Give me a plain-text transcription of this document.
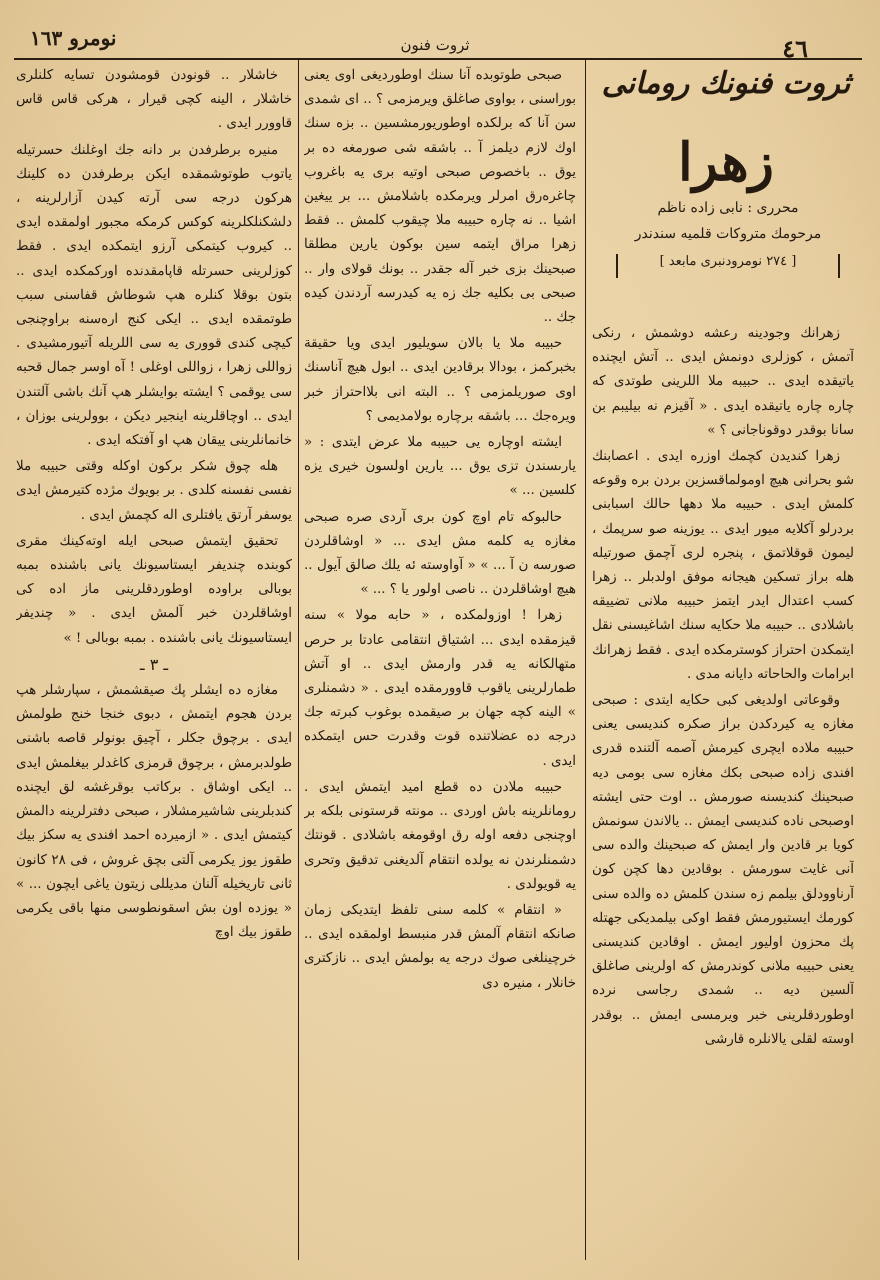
٤٦
ثروت فنون
نومرو ١٦٣
ثروت فنونك رومانى
زهرا
محررى : نابى زاده ناظم
مرحومك متروكات قلميه سندندر
[ ٢٧٤ نومرودنبرى مابعد ]

زهرانك وجودينه رعشه دوشمش ، رنكى آتمش ، كوزلرى دونمش ايدى .. آتش ايچنده ياتيقده ايدى .. حبيبه ملا اللرينى طوتدى كه چاره چاره ياتيقده ايدى . « آقيزم نه بيليبم بن سانا بوقدر دوقوناجانى ؟ »

زهرا كنديدن كچمك اوزره ايدى . اعصابنك شو بحرانى هيچ اومولماقسزين بردن بره وقوعه كلمش ايدى . حبيبه ملا دهها حالك اسبابنى بردرلو آكلايه ميور ايدى .. يوزينه صو سرپمك ، ليمون قوقلاتمق ، پنجره لرى آچمق صورتيله هله براز تسكين هيجانه موفق اولدبلر .. زهرا كسب اعتدال ايدر ايتمز حبيبه ملانى تضييقه باشلادى .. حبيبه ملا حكايه سنك اشاغيسنى نقل ايتمكدن احتراز كوسترمكده ايدى . فقط زهرانك ابرامات والحاحاته دايانه مدى .

وقوعاتى اولديغى كبى حكايه ايتدى : صبحى مغازه يه كيردكدن براز صكره كنديسى يعنى حبيبه ملاده ايچرى كيرمش آصمه آلتنده قدرى افندى زاده صبحى بكك مغازه سى بومى ديه صبحينك كنديسنه صورمش .. اوت حتى ايشته اوصبحى ناده كنديسى ايمش .. يالاندن سونمش كويا بر قادين وار ايمش كه صبحينك والده سى آنى غايت سورمش . بوقادين دها كچن كون آرناوودلق بيلمم زه سندن كلمش ده والده سنى كورمك ايستيورمش فقط اوكى بيلمديكى جهتله پك محزون اوليور ايمش . اوقادين كنديسنى يعنى حبيبه ملانى كوندرمش كه اولرينى صاغلق آلسين ديه .. شمدى رجاسى نرده اوطوردقلرينى خبر ويرمسى ايمش .. بوقدر اوسته لقلى يالانلره قارشى

صبحى طوتوبده آنا سنك اوطورديغى اوى يعنى بوراسنى ، بواوى صاغلق ويرمزمى ؟ .. اى شمدى سن آنا كه برلكده اوطوريورمشسين .. بزه سنك اوك لازم ديلمز آ .. باشقه شى صورمغه ده بر يوق .. باخصوص صبحى اوتيه برى يه باغروب چاغرەرق امرلر ويرمكده باشلامش ... بر ييغين اشيا .. نه چاره حبيبه ملا چيقوب كلمش .. فقط زهرا مراق ايتمه سين بوكون يارين مطلقا صبحينك بزى خبر آله جقدر .. بونك قولاى وار .. صبحى بى بكليه جك زه يه كيدرسه آردندن كيده جك ..

حبيبه ملا يا بالان سويليور ايدى ويا حقيقة بخبركمز ، بودالا برقادين ايدى .. ابول هيچ آناسنك اوى صوريلمزمى ؟ .. البته انى بلااحتراز خبر ويرەجك ... باشقه برچاره بولامديمى ؟

ايشته اوچاره يى حبيبه ملا عرض ايتدى : « يارىسندن تزى يوق ... يارين اولسون خيرى يزه كلسين ... »

حالبوكه تام اوچ كون برى آردى صره صبحى مغازه يه كلمه مش ايدى ... « اوشاقلردن صورسه ن آ ... » « آواوسته ئه يلك صالق آيول .. هيچ اوشاقلردن .. ناصى اولور يا ؟ ... »

زهرا ! اوزولمكده ، « حابه مولا » سنه قيزمقده ايدى ... اشتياق انتقامى عادتا بر حرص متهالكانه يه قدر وارمش ايدى .. او آتش طمارلرينى ياقوب قاوورمقده ايدى . « دشمنلرى » الينه كچه جهان بر صيقمده بوغوب كبرته جك درجه ده عضلاتنده قوت وقدرت حس ايتمكده ايدى .

حبيبه ملادن ده قطع اميد ايتمش ايدى . رومانلرينه باش اوردى .. مونته قرستونى بلكه بر اوچنجى دفعه اوله رق اوقومغه باشلادى . قونتك دشمنلرندن نه يولده انتقام آلديغنى تدقيق وتحرى يه قويولدى .

« انتقام » كلمه سنى تلفظ ايتديكى زمان صانكه انتقام آلمش قدر منبسط اولمقده ايدى .. خرچينلغى صوك درجه يه بولمش ايدى .. نازكترى خانلار ، منيره دى

خاشلار .. قونودن قومشودن تسايه كلنلرى خاشلار ، الينه كچى قيرار ، هركى قاس قاس قاوورر ايدى .

منيره برطرفدن بر دانه جك اوغلنك حسرتيله ياتوب طوتوشمقده ايكن برطرفدن ده كلينك هركون درجه سى آرته كيدن آزارلرينه ، دلشكنلكلرينه كوكس كرمكه مجبور اولمقده ايدى .. كيروب كيتمكى آرزو ايتمكده ايدى . فقط كوزلرينى حسرتله قاپامقدنده اوركمكده ايدى .. بتون بوقلا كنلره هپ شوطاش قفاسنى سبب طوتمقده ايدى .. ايكى كنج ارەسنه براوچنجى كيچى كندى قوورى يه سى اللريله آتيورمشيدى . زواللى زهرا ، زواللى اوغلى ! آه اوسر جمال قحبه سى يوقمى ؟ ايشته بوايشلر هپ آنك باشى آلتندن ايدى .. اوچاقلرينه اينجير ديكن ، بوولرينى بوزان ، خانمانلرينى ييقان هپ او آفتكه ايدى .

هله چوق شكر بركون اوكله وقتى حبيبه ملا نفسى نفسنه كلدى . بر بويوك مژده كتيرمش ايدى يوسفر آرتق يافتلرى اله كچمش ايدى .

تحقيق ايتمش صبحى ايله اوتەكينك مقرى كوبنده چنديفر ايستاسيونك يانى باشنده بمبه بوبالى براوده اوطوردقلرينى ماز اده كى اوشاقلردن خبر آلمش ايدى . « چنديفر ايستاسيونك يانى باشنده . بمبه بوبالى ! »

ـ ٣ ـ

مغازه ده ايشلر پك صيقشمش ، سپارشلر هپ بردن هجوم ايتمش ، دبوى خنجا خنج طولمش ايدى . برچوق جكلر ، آچيق بونولر قاصه باشنى طولدبرمش ، برچوق قرمزى كاغدلر بيغلمش ايدى .. ايكى اوشاق . بركاتب بوقرغشه لق ايچنده كندبلرينى شاشيرمشلار ، صبحى دفترلرينه دالمش كيتمش ايدى . « ازميرده احمد افندى يه سكز بيك طقوز يوز يكرمى آلتى بچق غروش ، فى ٢٨ كانون ثانى تاريخيله آلنان مديللى زيتون ياغى ايچون ... » « يوزده اون بش اسقونطوسى منها باقى يكرمى طقوز بيك اوچ
